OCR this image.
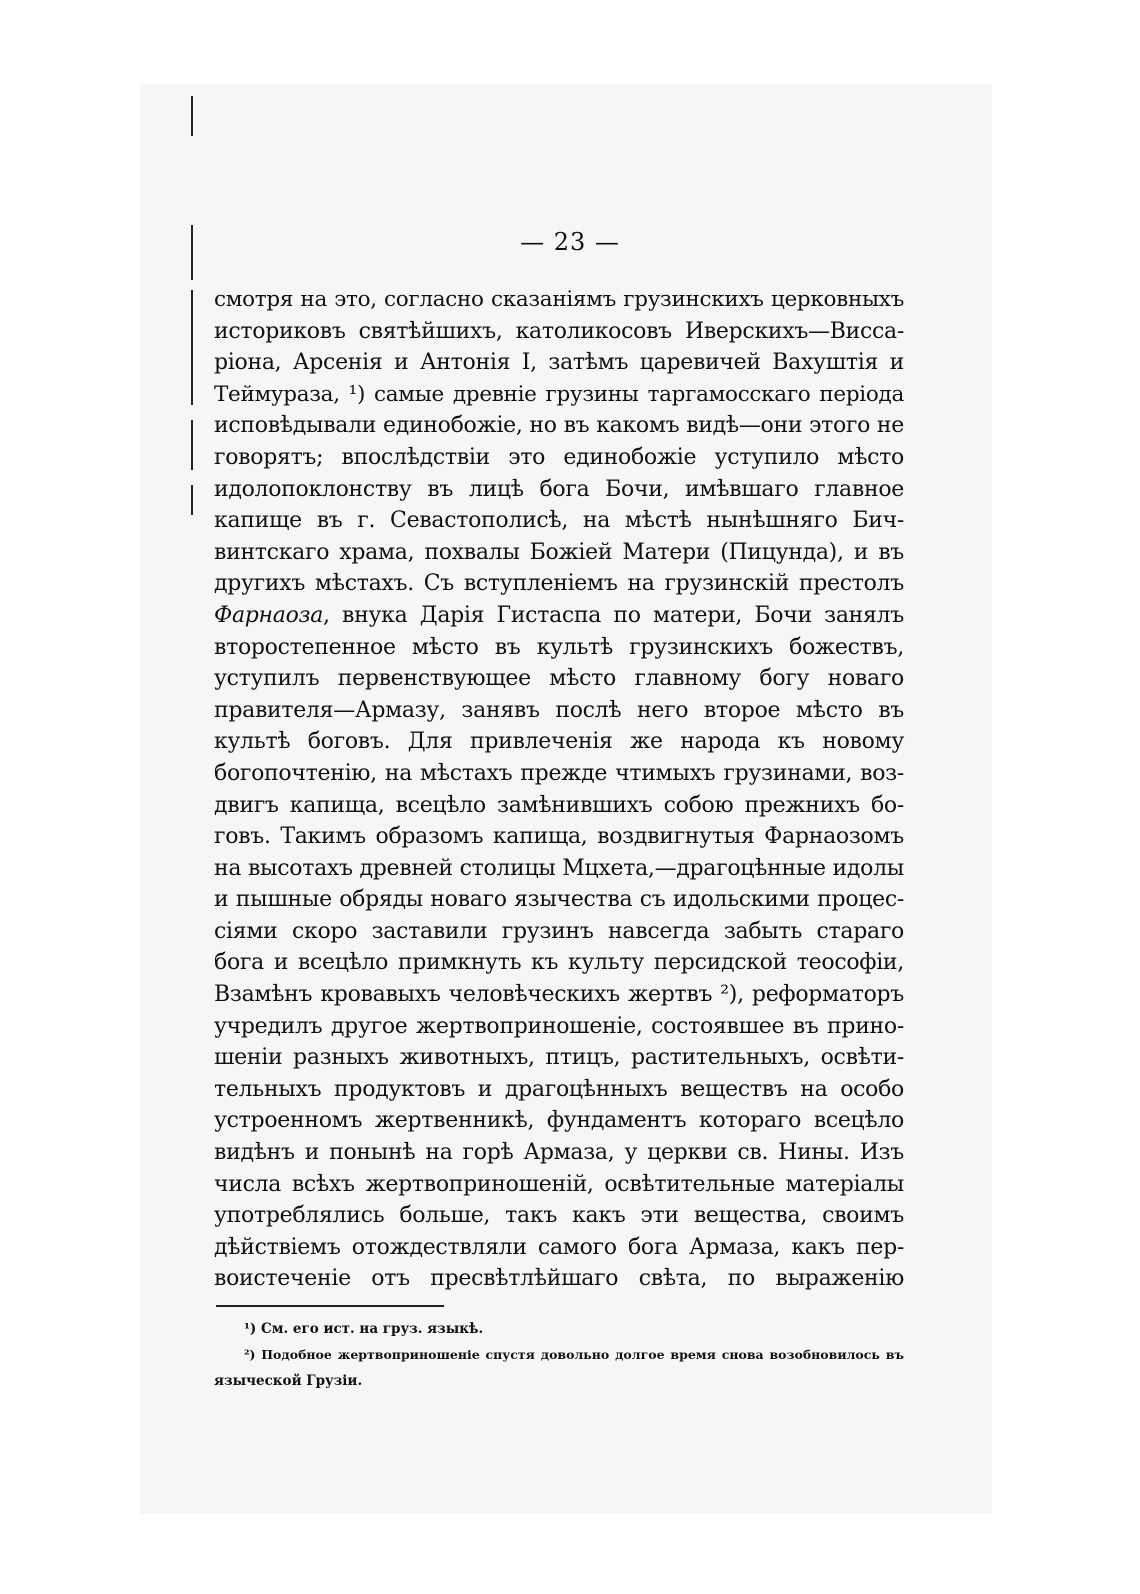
— 23 —
смотря на это, согласно сказаніямъ грузинскихъ церковныхъ
историковъ святѣйшихъ, католикосовъ Иверскихъ—Висса-
ріона, Арсенія и Антонія I, затѣмъ царевичей Вахуштія и
Теймураза, ¹) самые древніе грузины таргамосскаго періода
исповѣдывали единобожіе, но въ какомъ видѣ—они этого не
говорятъ; впослѣдствіи это единобожіе уступило мѣсто
идолопоклонству въ лицѣ бога Бочи, имѣвшаго главное
капище въ г. Севастополисѣ, на мѣстѣ нынѣшняго Бич-
винтскаго храма, похвалы Божіей Матери (Пицунда), и въ
другихъ мѣстахъ. Съ вступленіемъ на грузинскій престолъ
Фарнаоза, внука Дарія Гистаспа по матери, Бочи занялъ
второстепенное мѣсто въ культѣ грузинскихъ божествъ,
уступилъ первенствующее мѣсто главному богу новаго
правителя—Армазу, занявъ послѣ него второе мѣсто въ
культѣ боговъ. Для привлеченія же народа къ новому
богопочтенію, на мѣстахъ прежде чтимыхъ грузинами, воз-
двигъ капища, всецѣло замѣнившихъ собою прежнихъ бо-
говъ. Такимъ образомъ капища, воздвигнутыя Фарнаозомъ
на высотахъ древней столицы Мцхета,—драгоцѣнные идолы
и пышные обряды новаго язычества съ идольскими процес-
сіями скоро заставили грузинъ навсегда забыть стараго
бога и всецѣло примкнуть къ культу персидской теософіи,
Взамѣнъ кровавыхъ человѣческихъ жертвъ ²), реформаторъ
учредилъ другое жертвоприношеніе, состоявшее въ прино-
шеніи разныхъ животныхъ, птицъ, растительныхъ, освѣти-
тельныхъ продуктовъ и драгоцѣнныхъ веществъ на особо
устроенномъ жертвенникѣ, фундаментъ котораго всецѣло
видѣнъ и понынѣ на горѣ Армаза, у церкви св. Нины. Изъ
числа всѣхъ жертвоприношеній, освѣтительные матеріалы
употреблялись больше, такъ какъ эти вещества, своимъ
дѣйствіемъ отождествляли самого бога Армаза, какъ пер-
воистеченіе отъ пресвѣтлѣйшаго свѣта, по выраженію
¹) См. его ист. на груз. языкѣ.
²) Подобное жертвоприношеніе спустя довольно долгое время снова возобновилось въ
языческой Грузіи.
